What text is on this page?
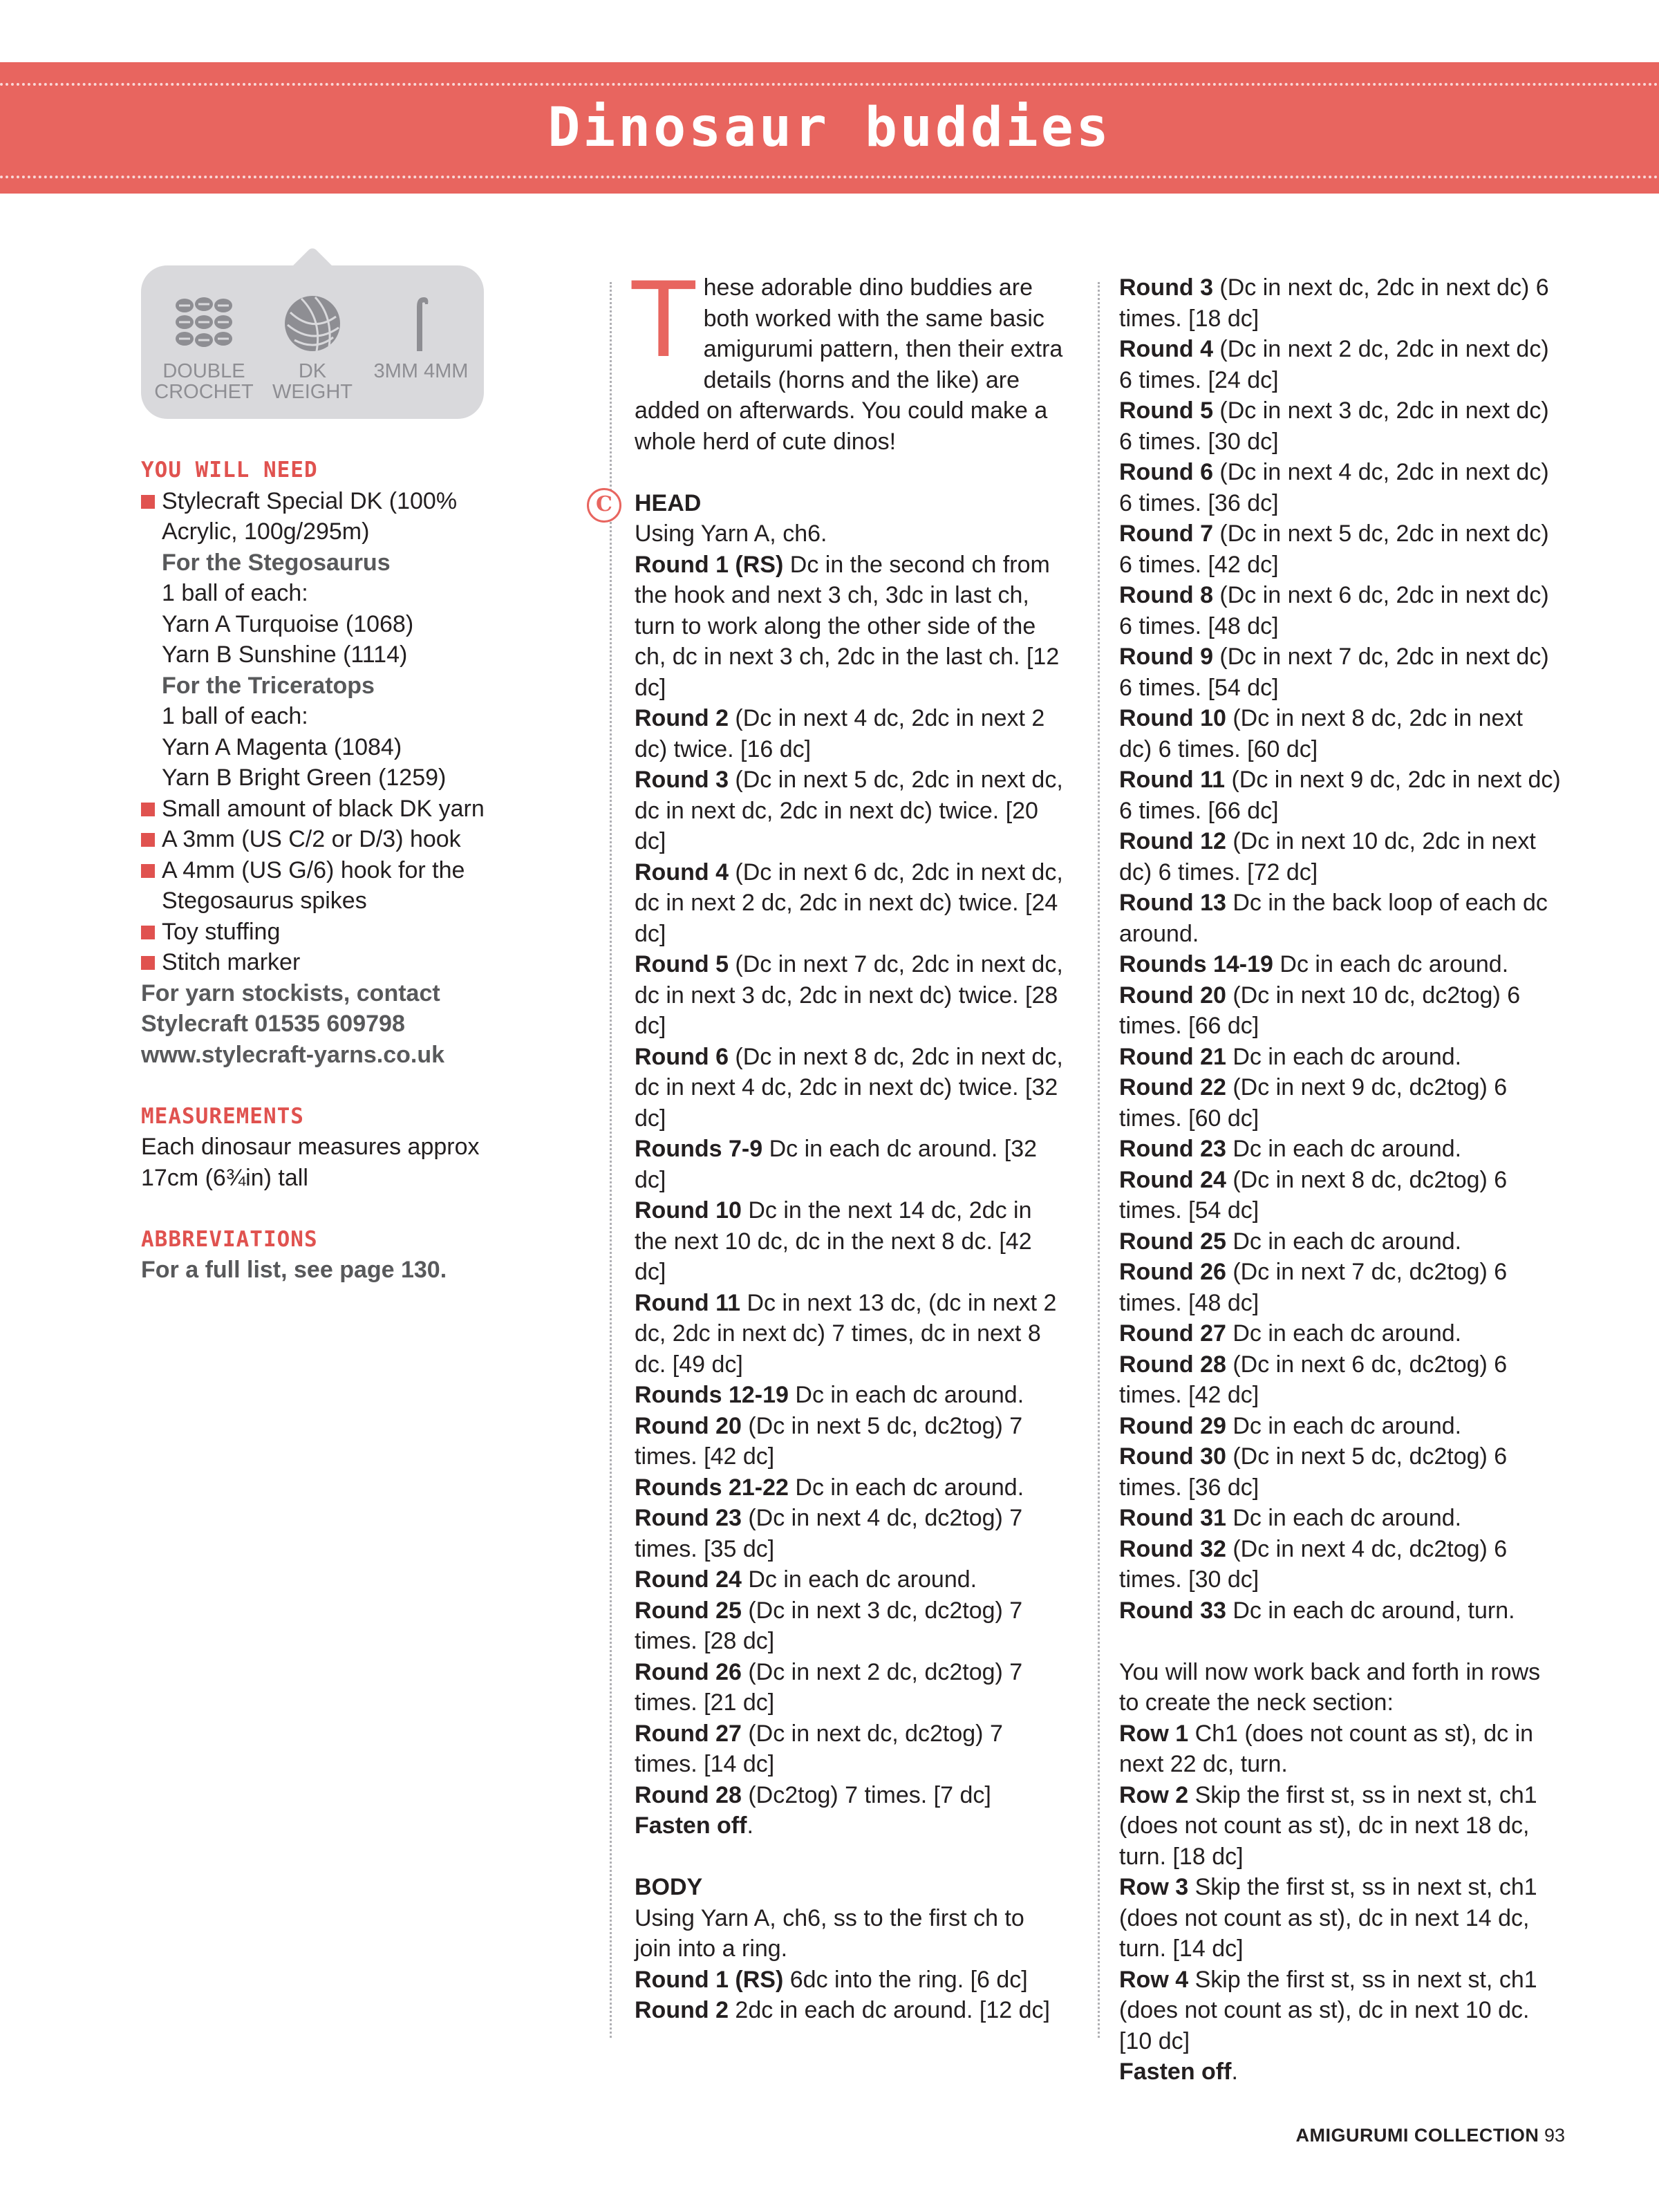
Dinosaur buddies
DOUBLE CROCHET
DK WEIGHT
3MM 4MM

YOU WILL NEED

Stylecraft Special DK (100% Acrylic, 100g/295m)

For the Stegosaurus

1 ball of each:

Yarn A Turquoise (1068)

Yarn B Sunshine (1114)

For the Triceratops

1 ball of each:

Yarn A Magenta (1084)

Yarn B Bright Green (1259)

Small amount of black DK yarn

A 3mm (US C/2 or D/3) hook

A 4mm (US G/6) hook for the Stegosaurus spikes

Toy stuffing

Stitch marker

For yarn stockists, contact

Stylecraft 01535 609798

www.stylecraft-yarns.co.uk

MEASUREMENTS

Each dinosaur measures approx 17cm (6¾in) tall

ABBREVIATIONS

For a full list, see page 130.

C

These adorable dino buddies are both worked with the same basic amigurumi pattern, then their extra details (horns and the like) are added on afterwards. You could make a whole herd of cute dinos!

HEAD

Using Yarn A, ch6.

Round 1 (RS) Dc in the second ch from the hook and next 3 ch, 3dc in last ch, turn to work along the other side of the ch, dc in next 3 ch, 2dc in the last ch. [12 dc]

Round 2 (Dc in next 4 dc, 2dc in next 2 dc) twice. [16 dc]

Round 3 (Dc in next 5 dc, 2dc in next dc, dc in next dc, 2dc in next dc) twice. [20 dc]

Round 4 (Dc in next 6 dc, 2dc in next dc, dc in next 2 dc, 2dc in next dc) twice. [24 dc]

Round 5 (Dc in next 7 dc, 2dc in next dc, dc in next 3 dc, 2dc in next dc) twice. [28 dc]

Round 6 (Dc in next 8 dc, 2dc in next dc, dc in next 4 dc, 2dc in next dc) twice. [32 dc]

Rounds 7-9 Dc in each dc around. [32 dc]

Round 10 Dc in the next 14 dc, 2dc in the next 10 dc, dc in the next 8 dc. [42 dc]

Round 11 Dc in next 13 dc, (dc in next 2 dc, 2dc in next dc) 7 times, dc in next 8 dc. [49 dc]

Rounds 12-19 Dc in each dc around.

Round 20 (Dc in next 5 dc, dc2tog) 7 times. [42 dc]

Rounds 21-22 Dc in each dc around.

Round 23 (Dc in next 4 dc, dc2tog) 7 times. [35 dc]

Round 24 Dc in each dc around.

Round 25 (Dc in next 3 dc, dc2tog) 7 times. [28 dc]

Round 26 (Dc in next 2 dc, dc2tog) 7 times. [21 dc]

Round 27 (Dc in next dc, dc2tog) 7 times. [14 dc]

Round 28 (Dc2tog) 7 times. [7 dc]

Fasten off.

BODY

Using Yarn A, ch6, ss to the first ch to join into a ring.

Round 1 (RS) 6dc into the ring. [6 dc]

Round 2 2dc in each dc around. [12 dc]

Round 3 (Dc in next dc, 2dc in next dc) 6 times. [18 dc]

Round 4 (Dc in next 2 dc, 2dc in next dc) 6 times. [24 dc]

Round 5 (Dc in next 3 dc, 2dc in next dc) 6 times. [30 dc]

Round 6 (Dc in next 4 dc, 2dc in next dc) 6 times. [36 dc]

Round 7 (Dc in next 5 dc, 2dc in next dc) 6 times. [42 dc]

Round 8 (Dc in next 6 dc, 2dc in next dc) 6 times. [48 dc]

Round 9 (Dc in next 7 dc, 2dc in next dc) 6 times. [54 dc]

Round 10 (Dc in next 8 dc, 2dc in next dc) 6 times. [60 dc]

Round 11 (Dc in next 9 dc, 2dc in next dc) 6 times. [66 dc]

Round 12 (Dc in next 10 dc, 2dc in next dc) 6 times. [72 dc]

Round 13 Dc in the back loop of each dc around.

Rounds 14-19 Dc in each dc around.

Round 20 (Dc in next 10 dc, dc2tog) 6 times. [66 dc]

Round 21 Dc in each dc around.

Round 22 (Dc in next 9 dc, dc2tog) 6 times. [60 dc]

Round 23 Dc in each dc around.

Round 24 (Dc in next 8 dc, dc2tog) 6 times. [54 dc]

Round 25 Dc in each dc around.

Round 26 (Dc in next 7 dc, dc2tog) 6 times. [48 dc]

Round 27 Dc in each dc around.

Round 28 (Dc in next 6 dc, dc2tog) 6 times. [42 dc]

Round 29 Dc in each dc around.

Round 30 (Dc in next 5 dc, dc2tog) 6 times. [36 dc]

Round 31 Dc in each dc around.

Round 32 (Dc in next 4 dc, dc2tog) 6 times. [30 dc]

Round 33 Dc in each dc around, turn.

You will now work back and forth in rows to create the neck section:

Row 1 Ch1 (does not count as st), dc in next 22 dc, turn.

Row 2 Skip the first st, ss in next st, ch1 (does not count as st), dc in next 18 dc, turn. [18 dc]

Row 3 Skip the first st, ss in next st, ch1 (does not count as st), dc in next 14 dc, turn. [14 dc]

Row 4 Skip the first st, ss in next st, ch1 (does not count as st), dc in next 10 dc. [10 dc]

Fasten off.

AMIGURUMI COLLECTION 93
